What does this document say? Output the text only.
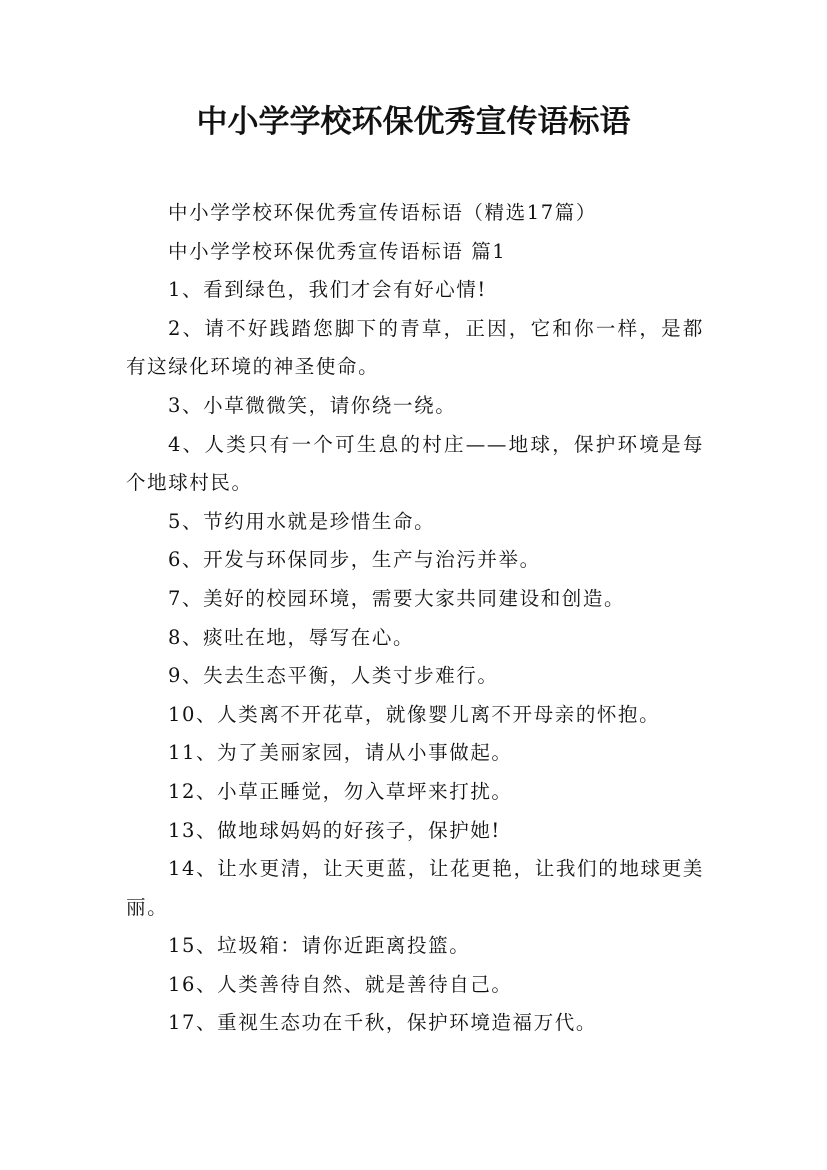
中小学学校环保优秀宣传语标语

中小学学校环保优秀宣传语标语（精选17篇）

中小学学校环保优秀宣传语标语 篇1

1、看到绿色，我们才会有好心情!

2、请不好践踏您脚下的青草，正因，它和你一样，是都有这绿化环境的神圣使命。

3、小草微微笑，请你绕一绕。

4、人类只有一个可生息的村庄——地球，保护环境是每个地球村民。

5、节约用水就是珍惜生命。

6、开发与环保同步，生产与治污并举。

7、美好的校园环境，需要大家共同建设和创造。

8、痰吐在地，辱写在心。

9、失去生态平衡，人类寸步难行。

10、人类离不开花草，就像婴儿离不开母亲的怀抱。

11、为了美丽家园，请从小事做起。

12、小草正睡觉，勿入草坪来打扰。

13、做地球妈妈的好孩子，保护她!

14、让水更清，让天更蓝，让花更艳，让我们的地球更美丽。

15、垃圾箱：请你近距离投篮。

16、人类善待自然、就是善待自己。

17、重视生态功在千秋，保护环境造福万代。
